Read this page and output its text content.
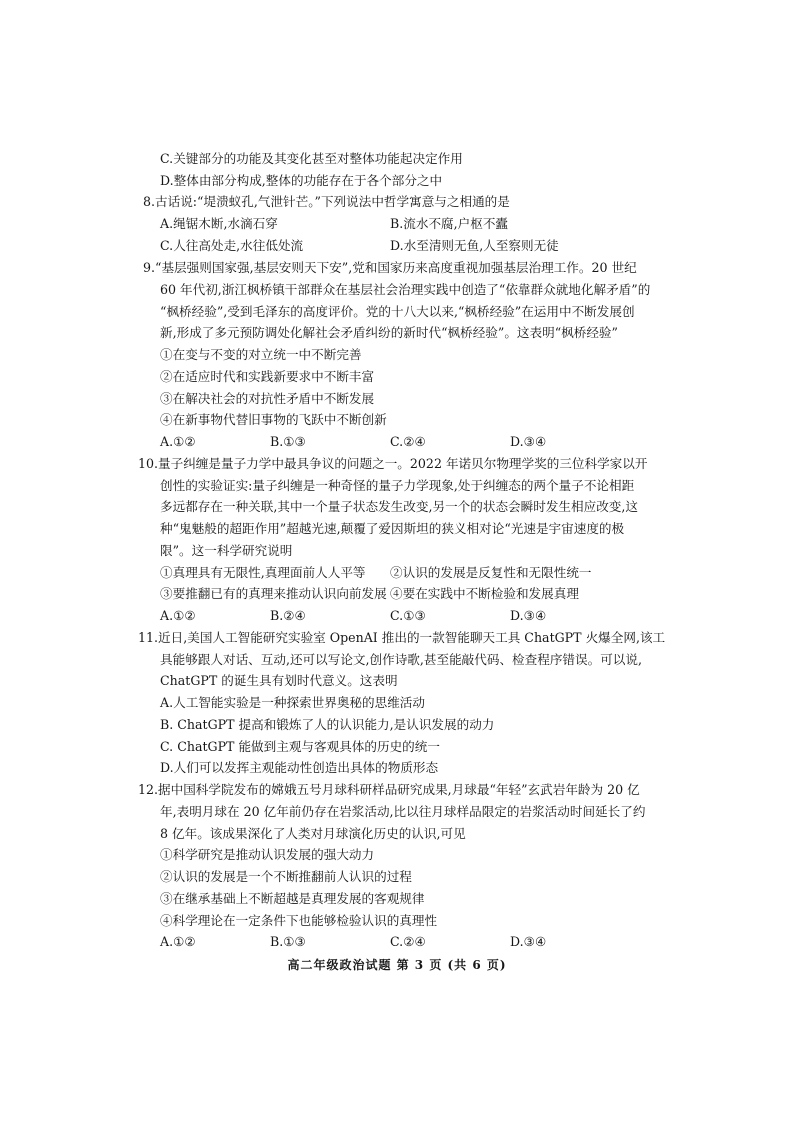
C.关键部分的功能及其变化甚至对整体功能起决定作用
D.整体由部分构成,整体的功能存在于各个部分之中
8.古话说:“堤溃蚁孔,气泄针芒。”下列说法中哲学寓意与之相通的是
A.绳锯木断,水滴石穿	B.流水不腐,户枢不蠹
C.人往高处走,水往低处流	D.水至清则无鱼,人至察则无徒
9.“基层强则国家强,基层安则天下安”,党和国家历来高度重视加强基层治理工作。20 世纪
60 年代初,浙江枫桥镇干部群众在基层社会治理实践中创造了“依靠群众就地化解矛盾”的
“枫桥经验”,受到毛泽东的高度评价。党的十八大以来,“枫桥经验”在运用中不断发展创
新,形成了多元预防调处化解社会矛盾纠纷的新时代“枫桥经验”。这表明“枫桥经验”
①在变与不变的对立统一中不断完善
②在适应时代和实践新要求中不断丰富
③在解决社会的对抗性矛盾中不断发展
④在新事物代替旧事物的飞跃中不断创新
A.①②	B.①③	C.②④	D.③④
10.量子纠缠是量子力学中最具争议的问题之一。2022 年诺贝尔物理学奖的三位科学家以开
创性的实验证实:量子纠缠是一种奇怪的量子力学现象,处于纠缠态的两个量子不论相距
多远都存在一种关联,其中一个量子状态发生改变,另一个的状态会瞬时发生相应改变,这
种“鬼魅般的超距作用”超越光速,颠覆了爱因斯坦的狭义相对论“光速是宇宙速度的极
限”。这一科学研究说明
①真理具有无限性,真理面前人人平等 ②认识的发展是反复性和无限性统一
③要推翻已有的真理来推动认识向前发展 ④要在实践中不断检验和发展真理
A.①②	B.②④	C.①③	D.③④
11.近日,美国人工智能研究实验室 OpenAI 推出的一款智能聊天工具 ChatGPT 火爆全网,该工
具能够跟人对话、互动,还可以写论文,创作诗歌,甚至能敲代码、检查程序错误。可以说,
ChatGPT 的诞生具有划时代意义。这表明
A.人工智能实验是一种探索世界奥秘的思维活动
B. ChatGPT 提高和锻炼了人的认识能力,是认识发展的动力
C. ChatGPT 能做到主观与客观具体的历史的统一
D.人们可以发挥主观能动性创造出具体的物质形态
12.据中国科学院发布的嫦娥五号月球科研样品研究成果,月球最“年轻”玄武岩年龄为 20 亿
年,表明月球在 20 亿年前仍存在岩浆活动,比以往月球样品限定的岩浆活动时间延长了约
8 亿年。该成果深化了人类对月球演化历史的认识,可见
①科学研究是推动认识发展的强大动力
②认识的发展是一个不断推翻前人认识的过程
③在继承基础上不断超越是真理发展的客观规律
④科学理论在一定条件下也能够检验认识的真理性
A.①②	B.①③	C.②④	D.③④
高二年级政治试题 第 3 页 (共 6 页)
